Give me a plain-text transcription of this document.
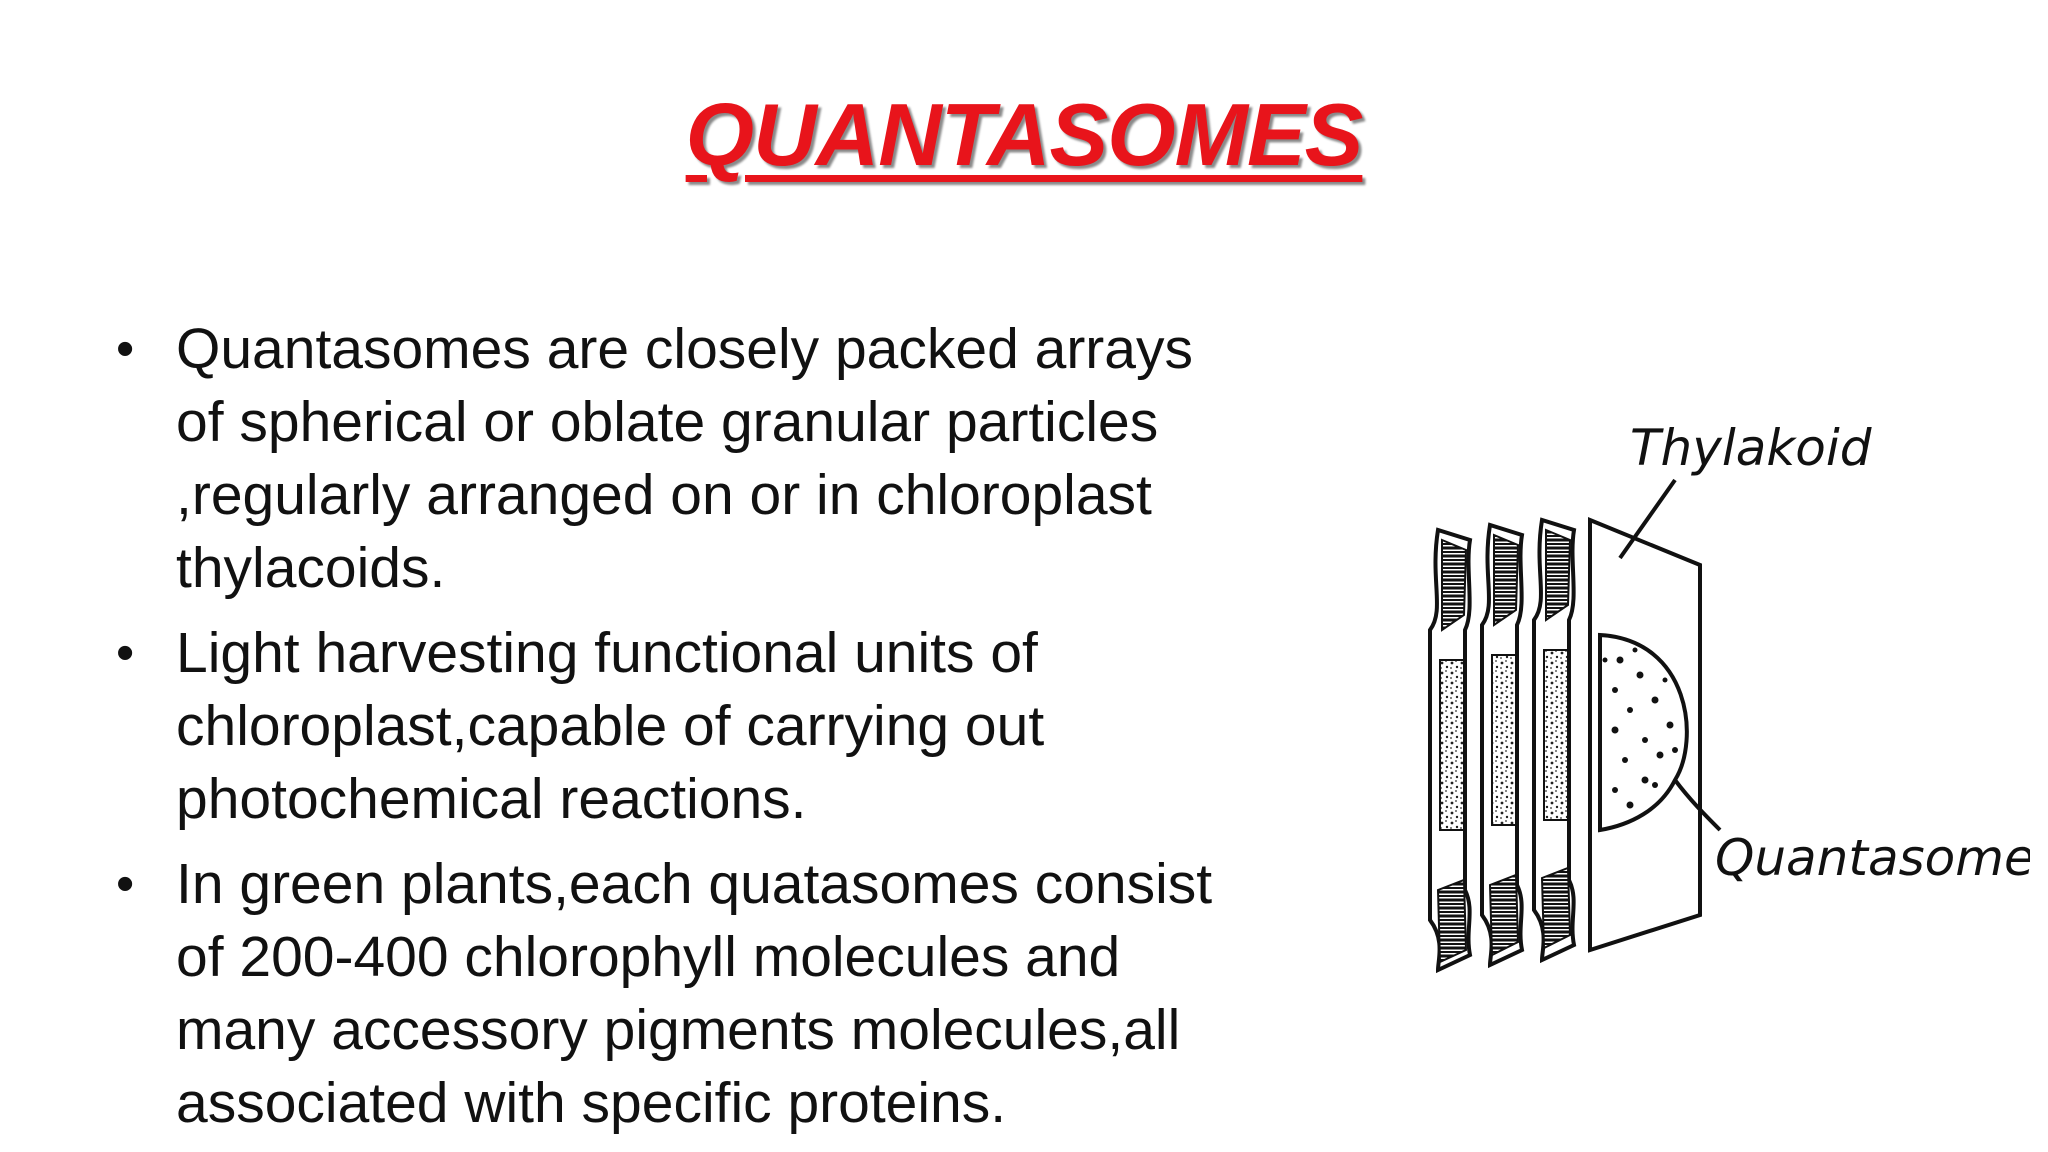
QUANTASOMES
• Quantasomes are closely packed arrays of spherical or oblate granular particles ,regularly arranged on or in chloroplast thylacoids.
• Light harvesting functional units of chloroplast,capable of carrying out photochemical reactions.
• In green plants,each quatasomes consist of 200-400 chlorophyll molecules and many accessory pigments molecules,all associated with specific proteins.
Thylakoid
Quantasome
